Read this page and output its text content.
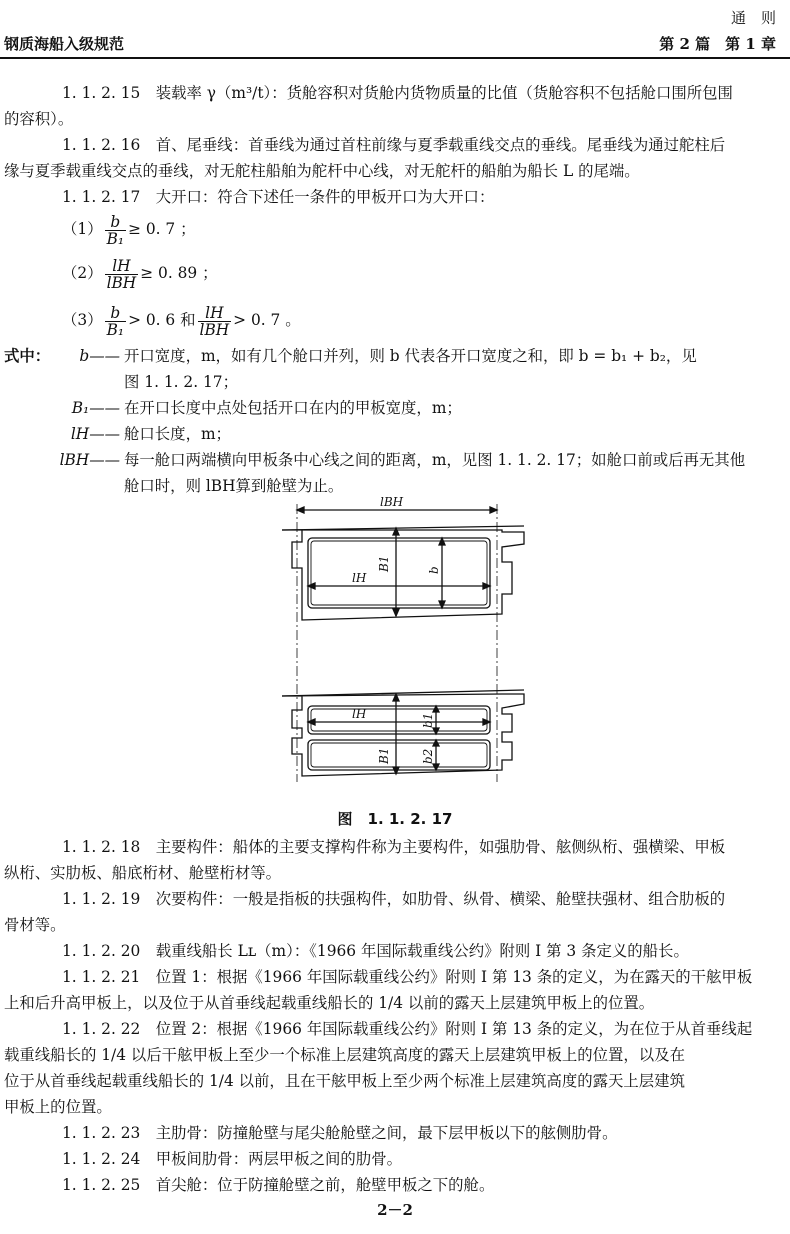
通　则
钢质海船入级规范	第 2 篇　第 1 章
1. 1. 2. 15　 装载率 γ（m³/t）：货舱容积对货舱内货物质量的比值（货舱容积不包括舱口围所包围
的容积）。
1. 1. 2. 16　 首、尾垂线：首垂线为通过首柱前缘与夏季载重线交点的垂线。尾垂线为通过舵柱后
缘与夏季载重线交点的垂线，对无舵柱船舶为舵杆中心线，对无舵杆的船舶为船长 L 的尾端。
1. 1. 2. 17　 大开口：符合下述任一条件的甲板开口为大开口：
$(1) \frac{b}{\text{B₁}} \ge 0$. 7 ；
$(2) \frac{lH}{\text{lBH}} \ge 0$. 89 ；
$(3) \frac{b}{\text{B₁}} > 0$. 6 和 $\frac{lH}{\text{lBH}} > 0$. 7 。
式中：	b—— 开口宽度，m，如有几个舱口并列，则 b 代表各开口宽度之和，即 b = b₁ + b₂，见
图 1. 1. 2. 17；
B₁—— 在开口长度中点处包括开口在内的甲板宽度，m；
lH—— 舱口长度，m；
lBH—— 每一舱口两端横向甲板条中心线之间的距离，m，见图 1. 1. 2. 17；如舱口前或后再无其他
舱口时，则 lBH算到舱壁为止。
lBH
B1	b
lH
lH	b1
B1	b2
图　1. 1. 2. 17
1. 1. 2. 18　 主要构件：船体的主要支撑构件称为主要构件，如强肋骨、舷侧纵桁、强横梁、甲板
纵桁、实肋板、船底桁材、舱壁桁材等。
1. 1. 2. 19　 次要构件：一般是指板的扶强构件，如肋骨、纵骨、横梁、舱壁扶强材、组合肋板的
骨材等。
1. 1. 2. 20　 载重线船长 Lʟ（m）：《1966 年国际载重线公约》附则 I 第 3 条定义的船长。
1. 1. 2. 21　 位置 1：根据《1966 年国际载重线公约》附则 I 第 13 条的定义，为在露天的干舷甲板
上和后升高甲板上，以及位于从首垂线起载重线船长的 1/4 以前的露天上层建筑甲板上的位置。
1. 1. 2. 22　 位置 2：根据《1966 年国际载重线公约》附则 I 第 13 条的定义，为在位于从首垂线起
载重线船长的 1/4 以后干舷甲板上至少一个标准上层建筑高度的露天上层建筑甲板上的位置，以及在
位于从首垂线起载重线船长的 1/4 以前，且在干舷甲板上至少两个标准上层建筑高度的露天上层建筑
甲板上的位置。
1. 1. 2. 23　 主肋骨：防撞舱壁与尾尖舱舱壁之间，最下层甲板以下的舷侧肋骨。
1. 1. 2. 24　 甲板间肋骨：两层甲板之间的肋骨。
1. 1. 2. 25　 首尖舱：位于防撞舱壁之前，舱壁甲板之下的舱。
2－2
